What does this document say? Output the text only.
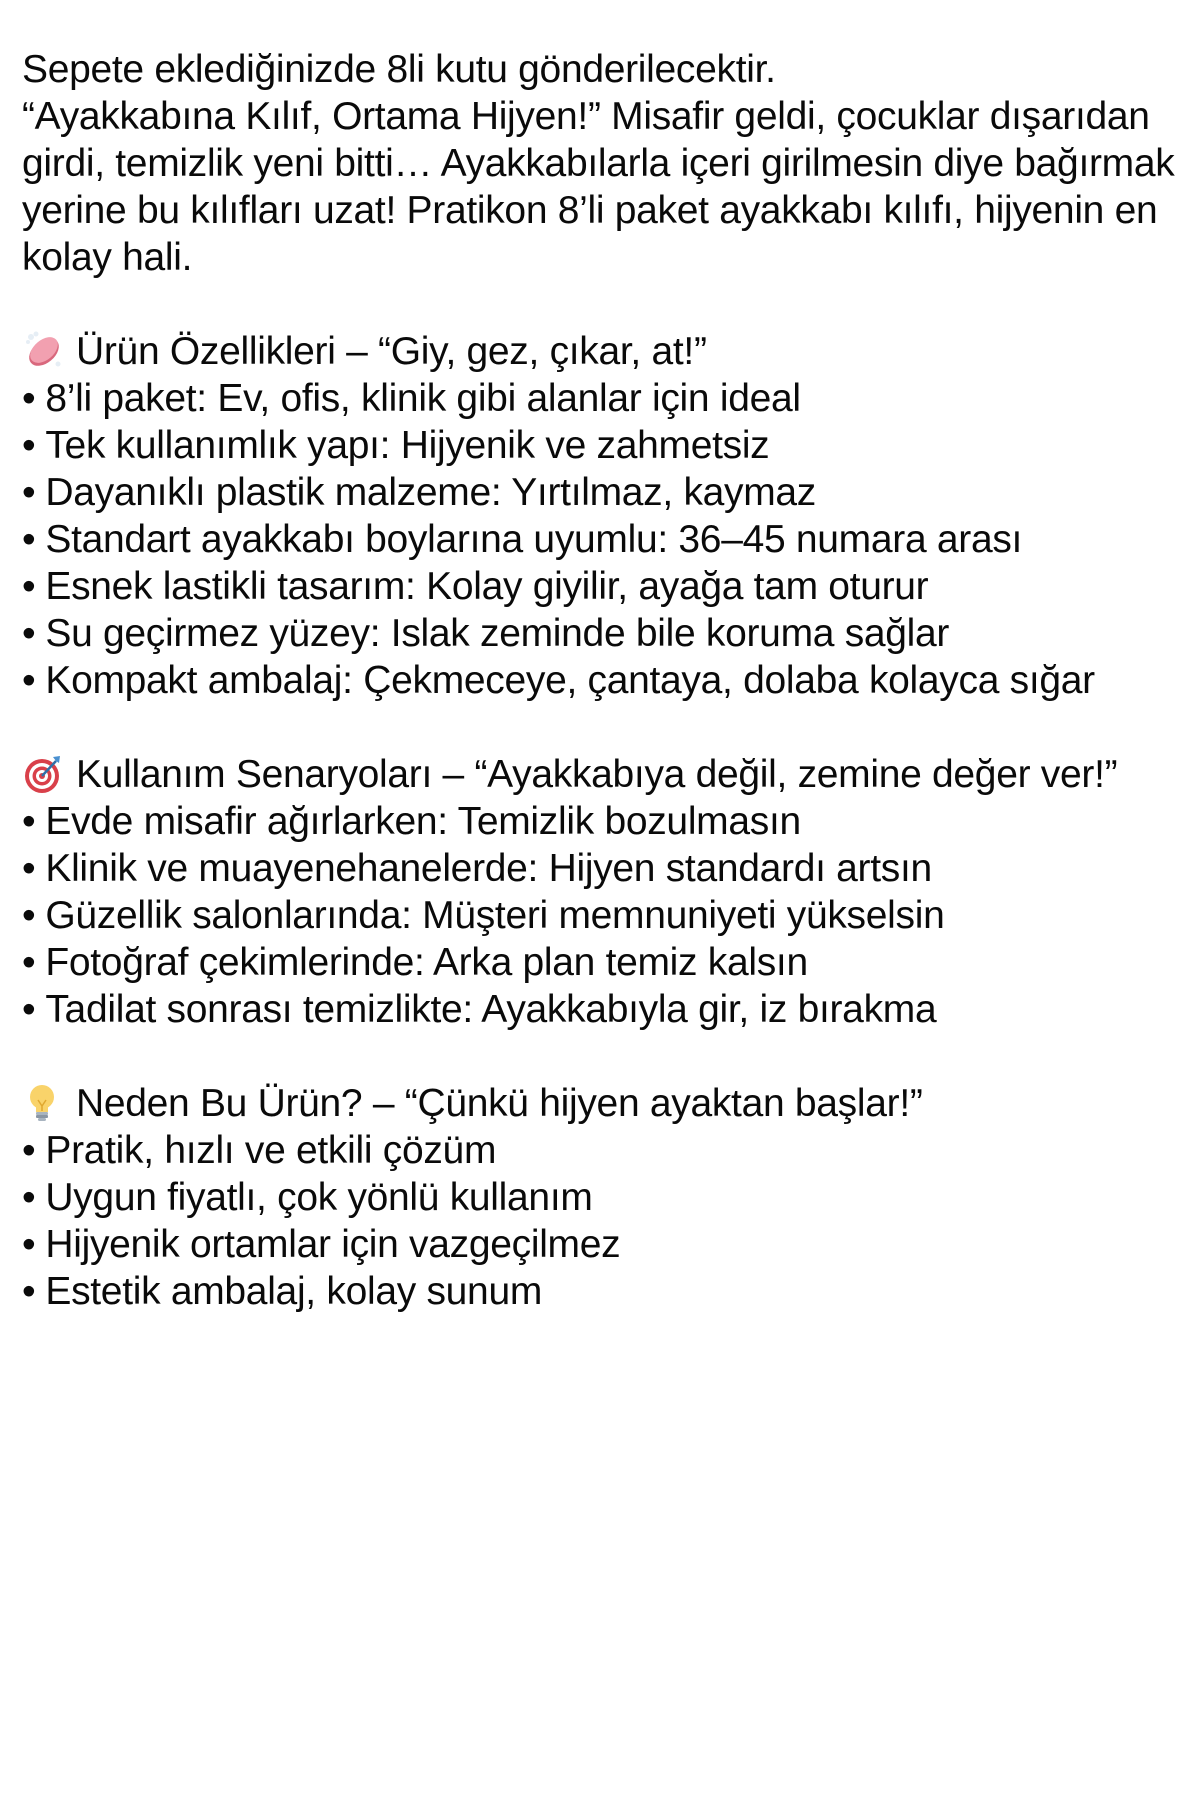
Sepete eklediğinizde 8li kutu gönderilecektir.

“Ayakkabına Kılıf, Ortama Hijyen!” Misafir geldi, çocuklar dışarıdan girdi, temizlik yeni bitti… Ayakkabılarla içeri girilmesin diye bağırmak yerine bu kılıfları uzat! Pratikon 8’li paket ayakkabı kılıfı, hijyenin en kolay hali.

Ürün Özellikleri – “Giy, gez, çıkar, at!”
• 8’li paket: Ev, ofis, klinik gibi alanlar için ideal
• Tek kullanımlık yapı: Hijyenik ve zahmetsiz
• Dayanıklı plastik malzeme: Yırtılmaz, kaymaz
• Standart ayakkabı boylarına uyumlu: 36–45 numara arası
• Esnek lastikli tasarım: Kolay giyilir, ayağa tam oturur
• Su geçirmez yüzey: Islak zeminde bile koruma sağlar
• Kompakt ambalaj: Çekmeceye, çantaya, dolaba kolayca sığar
Kullanım Senaryoları – “Ayakkabıya değil, zemine değer ver!”
• Evde misafir ağırlarken: Temizlik bozulmasın
• Klinik ve muayenehanelerde: Hijyen standardı artsın
• Güzellik salonlarında: Müşteri memnuniyeti yükselsin
• Fotoğraf çekimlerinde: Arka plan temiz kalsın
• Tadilat sonrası temizlikte: Ayakkabıyla gir, iz bırakma
Neden Bu Ürün? – “Çünkü hijyen ayaktan başlar!”
• Pratik, hızlı ve etkili çözüm
• Uygun fiyatlı, çok yönlü kullanım
• Hijyenik ortamlar için vazgeçilmez
• Estetik ambalaj, kolay sunum
